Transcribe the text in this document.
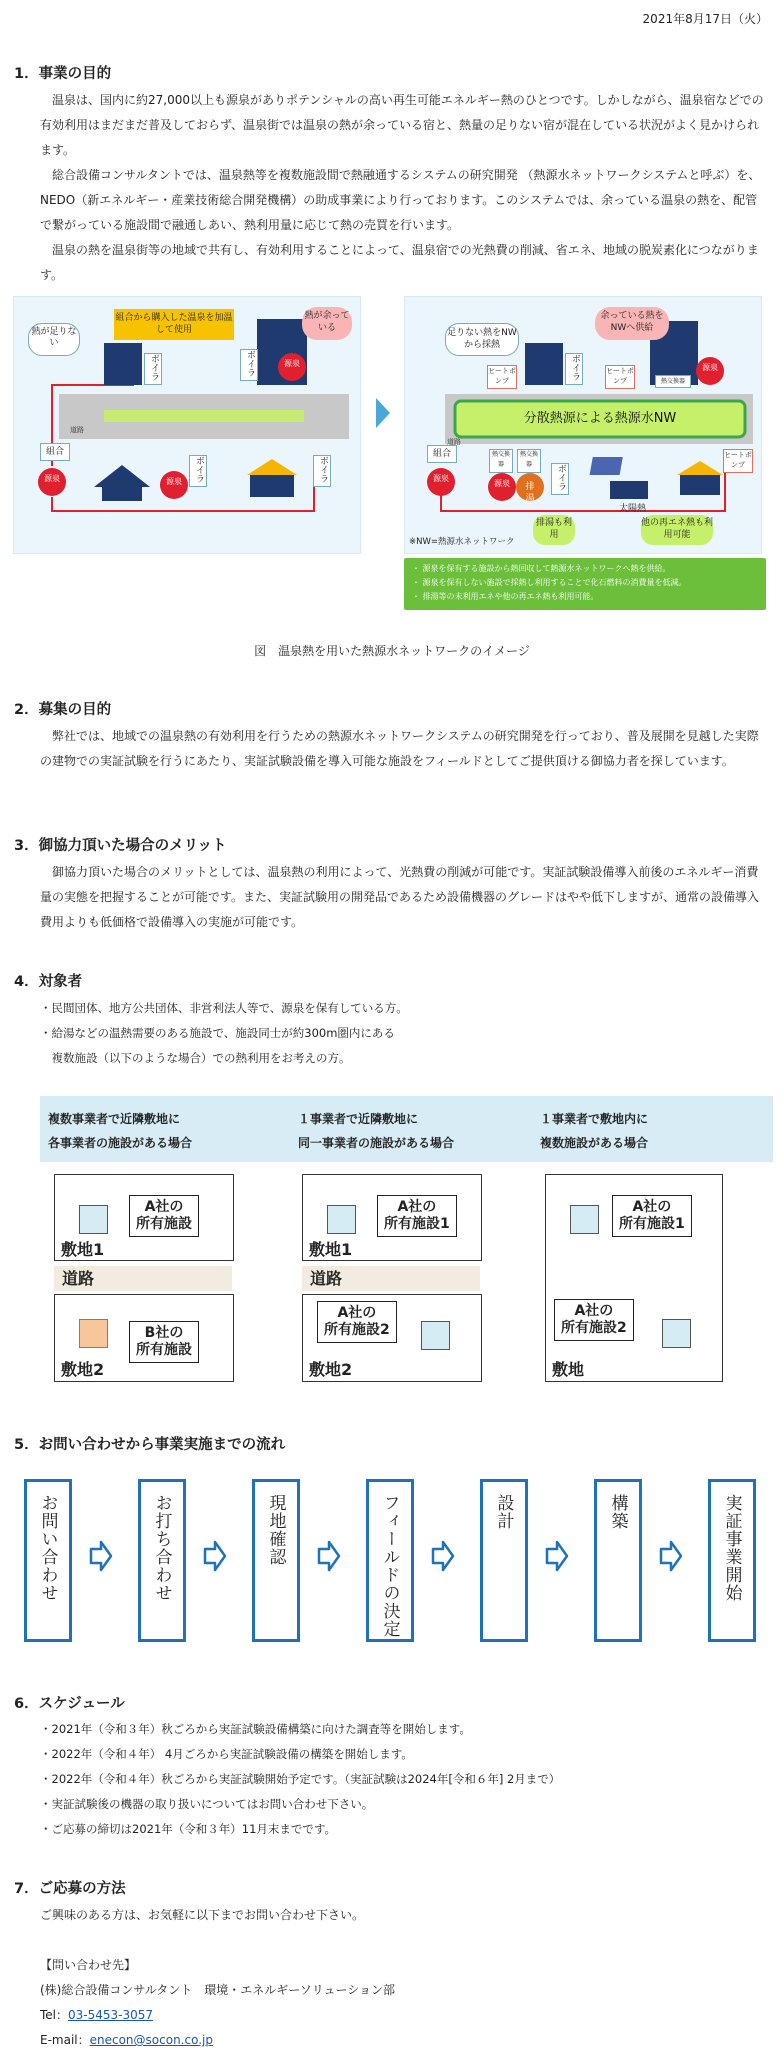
2021年8月17日（火）
1．事業の目的

温泉は、国内に約27,000以上も源泉がありポテンシャルの高い再生可能エネルギー熱のひとつです。しかしながら、温泉宿などでの有効利用はまだまだ普及しておらず、温泉街では温泉の熱が余っている宿と、熱量の足りない宿が混在している状況がよく見かけられます。

総合設備コンサルタントでは、温泉熱等を複数施設間で熱融通するシステムの研究開発 （熱源水ネットワークシステムと呼ぶ）を、NEDO（新エネルギー・産業技術総合開発機構）の助成事業により行っております。このシステムでは、余っている温泉の熱を、配管で繋がっている施設間で融通しあい、熱利用量に応じて熱の売買を行います。

温泉の熱を温泉街等の地域で共有し、有効利用することによって、温泉宿での光熱費の削減、省エネ、地域の脱炭素化につながります。

熱が足りない
組合から購入した温泉を加温して使用
熱が余っている
ボイラ	ボイラ
ボイラ	ボイラ
源泉
源泉
源泉
組合
道路
足りない熱をNWから採熱
余っている熱をNWへ供給
分散熱源による熱源水NW
ヒートポンプ
ヒートポンプ
ヒートポンプ
熱交換器
熱交換器
熱交換器
ボイラ
ボイラ
源泉
源泉
源泉	排湯
組合
道路
太陽熱
排湯も利用
他の再エネ熱も利用可能
※NW=熱源水ネットワーク
・ 源泉を保有する施設から熱回収して熱源水ネットワークへ熱を供給。
・ 源泉を保有しない施設で採熱し利用することで化石燃料の消費量を低減。
・ 排湯等の未利用エネや他の再エネ熱も利用可能。
図　温泉熱を用いた熱源水ネットワークのイメージ
2．募集の目的

弊社では、地域での温泉熱の有効利用を行うための熱源水ネットワークシステムの研究開発を行っており、普及展開を見越した実際の建物での実証試験を行うにあたり、実証試験設備を導入可能な施設をフィールドとしてご提供頂ける御協力者を探しています。

3．御協力頂いた場合のメリット

御協力頂いた場合のメリットとしては、温泉熱の利用によって、光熱費の削減が可能です。実証試験設備導入前後のエネルギー消費量の実態を把握することが可能です。また、実証試験用の開発品であるため設備機器のグレードはやや低下しますが、通常の設備導入費用よりも低価格で設備導入の実施が可能です。

4．対象者
・民間団体、地方公共団体、非営利法人等で、源泉を保有している方。
・給湯などの温熱需要のある施設で、施設同士が約300m圏内にある
　複数施設（以下のような場合）での熱利用をお考えの方。
複数事業者で近隣敷地に
各事業者の施設がある場合
１事業者で近隣敷地に
同一事業者の施設がある場合
１事業者で敷地内に
複数施設がある場合
A社の
所有施設
敷地1
道路
B社の
所有施設
敷地2
A社の
所有施設1
敷地1
道路
A社の
所有施設2
敷地2
A社の
所有施設1
A社の
所有施設2
敷地
5．お問い合わせから事業実施までの流れ
お問い合わせ	お打ち合わせ	現地確認	フィールドの決定	設計	構築	実証事業開始
6．スケジュール
・2021年（令和３年）秋ごろから実証試験設備構築に向けた調査等を開始します。
・2022年（令和４年） 4月ごろから実証試験設備の構築を開始します。
・2022年（令和４年）秋ごろから実証試験開始予定です。（実証試験は2024年[令和６年] 2月まで）
・実証試験後の機器の取り扱いについてはお問い合わせ下さい。
・ご応募の締切は2021年（令和３年）11月末までです。
7．ご応募の方法
ご興味のある方は、お気軽に以下までお問い合わせ下さい。
【問い合わせ先】
(株)総合設備コンサルタント　環境・エネルギーソリューション部
Tel：03-5453-3057
E-mail：enecon@socon.co.jp
